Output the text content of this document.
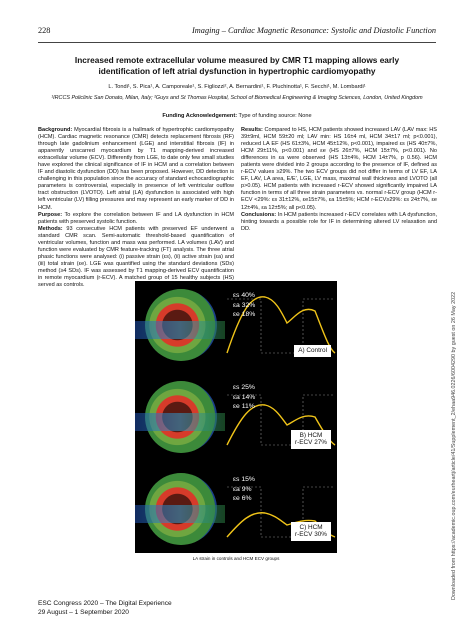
228	Imaging – Cardiac Magnetic Resonance: Systolic and Diastolic Function
Increased remote extracellular volume measured by CMR T1 mapping allows early identification of left atrial dysfunction in hypertrophic cardiomyopathy
L. Tondi¹, S. Pica¹, A. Camporeale¹, S. Figliozzi², A. Bernardini¹, F. Pluchinotta¹, F. Secchi¹, M. Lombardi¹
¹IRCCS Policlinic San Donato, Milan, Italy; ²Guys and St Thomas Hospital, School of Biomedical Engineering & Imaging Sciences, London, United Kingdom
Funding Acknowledgement: Type of funding source: None

Background: Myocardial fibrosis is a hallmark of hypertrophic cardiomyopathy (HCM). Cardiac magnetic resonance (CMR) detects replacement fibrosis (RF) through late gadolinium enhancement (LGE) and interstitial fibrosis (IF) in apparently unscarred myocardium by T1 mapping-derived increased extracellular volume (ECV). Differently from LGE, to date only few small studies have explored the clinical significance of IF in HCM and a correlation between IF and diastolic dysfunction (DD) has been proposed. However, DD detection is challenging in this population since the accuracy of standard echocardiographic parameters is controversial, especially in presence of left ventricular outflow tract obstruction (LVOTO). Left atrial (LA) dysfunction is associated with high left ventricular (LV) filling pressures and may represent an early marker of DD in HCM.

Purpose: To explore the correlation between IF and LA dysfunction in HCM patients with preserved systolic function.

Methods: 93 consecutive HCM patients with preserved EF underwent a standard CMR scan. Semi-automatic threshold-based quantification of ventricular volumes, function and mass was performed. LA volumes (LAV) and function were evaluated by CMR feature-tracking (FT) analysis. The three atrial phasic functions were analysed: (i) passive strain (εs), (ii) active strain (εa) and (iii) total strain (εe). LGE was quantified using the standard deviations (SDs) method (≥4 SDs). IF was assessed by T1 mapping-derived ECV quantification in remote myocardium (r-ECV). A matched group of 15 healthy subjects (HS) served as controls.

Results: Compared to HS, HCM patients showed increased LAV (LAV max: HS 39±9ml, HCM 59±20 ml; LAV min: HS 16±4 ml, HCM 34±17 ml; p<0.001), reduced LA EF (HS 61±3%, HCM 45±12%, p<0.001), impaired εs (HS 40±7%, HCM 29±11%, p<0.001) and εe (HS 26±7%, HCM 15±7%, p<0.001). No differences in εa were observed (HS 13±4%, HCM 14±7%, p 0.56). HCM patients were divided into 2 groups according to the presence of IF, defined as r-ECV values ≥29%. The two ECV groups did not differ in terms of LV EF, LA EF, LAV, LA area, E/E′, LGE, LV mass, maximal wall thickness and LVOTO (all p>0.05). HCM patients with increased r-ECV showed significantly impaired LA function in terms of all three strain parameters vs. normal r-ECV group (HCM r-ECV <29%: εs 31±12%, εe15±7%, εa 15±5%; HCM r-ECV≥29%: εs 24±7%, εe 12±4%, εa 12±5%; all p<0.05).

Conclusions: In HCM patients increased r-ECV correlates with LA dysfunction, hinting towards a possible role for IF in determining altered LV relaxation and DD.

εs 40%
εa 32%
εe 18%
A) Control
εs 25%
εa 14%
εe 11%
B) HCM
r-ECV 27%
εs 15%
εa 9%
εe 6%
C) HCM
r-ECV 30%
LA strain in controls and HCM ECV groups
ESC Congress 2020 – The Digital Experience
29 August – 1 September 2020
Downloaded from https://academic.oup.com/eurheartj/article/41/Supplement_2/ehaa946.0226/6004290 by guest on 26 May 2022
